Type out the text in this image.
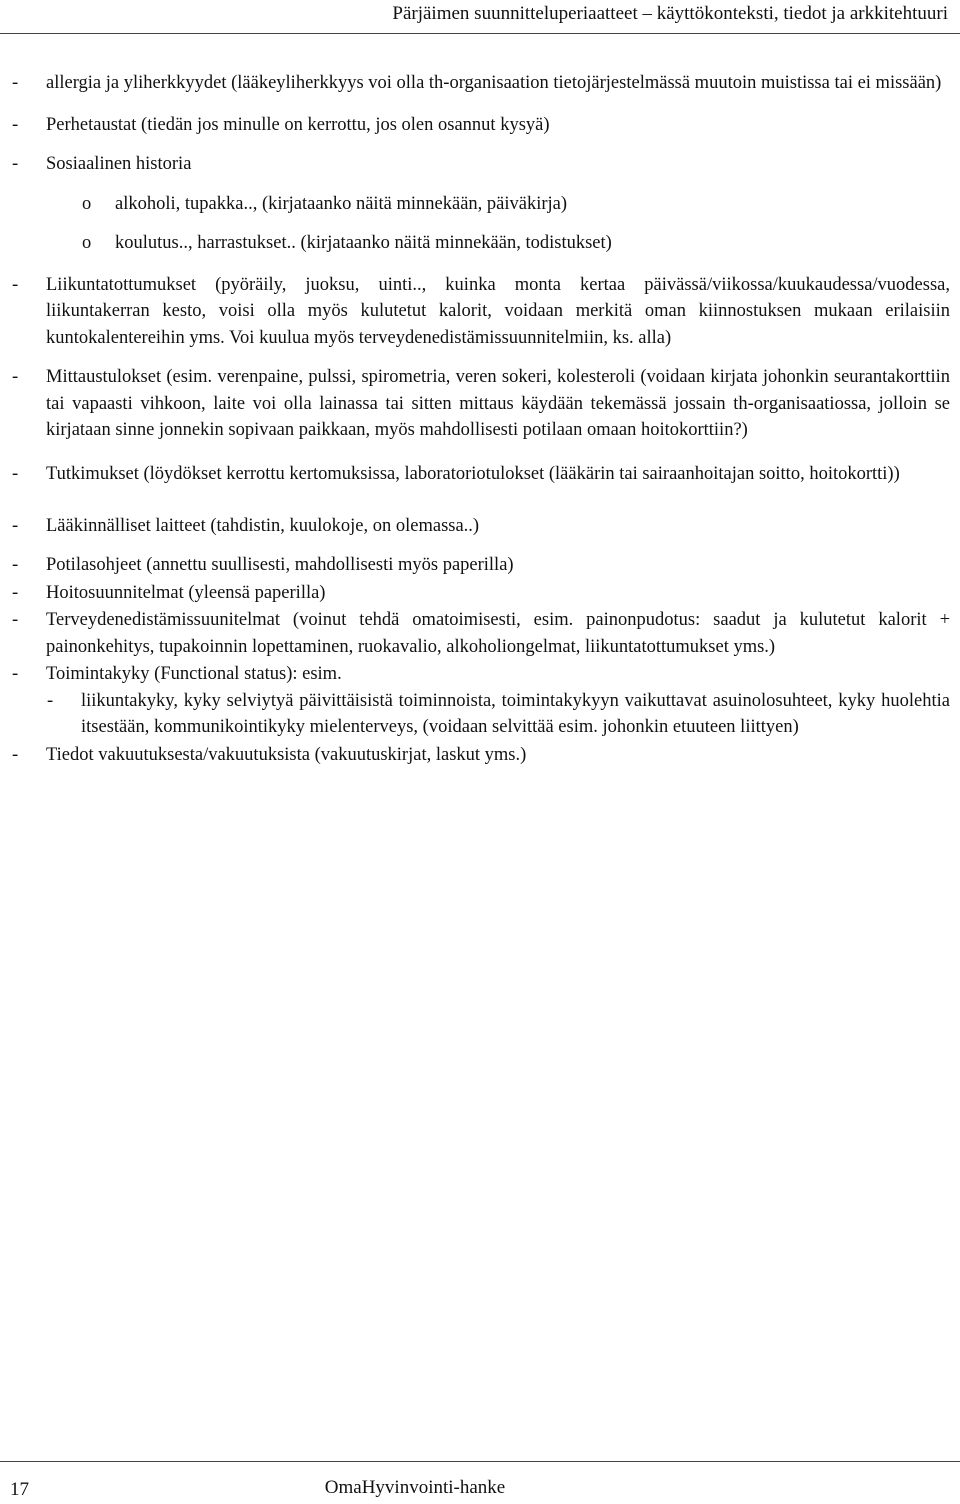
Pärjäimen suunnitteluperiaatteet – käyttökonteksti, tiedot ja arkkitehtuuri
- allergia ja yliherkkyydet (lääkeyliherkkyys voi olla th-organisaation tietojärjestelmässä muutoin muistissa tai ei missään)
- Perhetaustat (tiedän jos minulle on kerrottu, jos olen osannut kysyä)
- Sosiaalinen historia
o alkoholi, tupakka.., (kirjataanko näitä minnekään, päiväkirja)
o koulutus.., harrastukset.. (kirjataanko näitä minnekään, todistukset)
- Liikuntatottumukset (pyöräily, juoksu, uinti.., kuinka monta kertaa päivässä/viikossa/kuukaudessa/vuodessa, liikuntakerran kesto, voisi olla myös kulutetut kalorit, voidaan merkitä oman kiinnostuksen mukaan erilaisiin kuntokalentereihin yms. Voi kuulua myös terveydenedistämissuunnitelmiin, ks. alla)
- Mittaustulokset (esim. verenpaine, pulssi, spirometria, veren sokeri, kolesteroli (voidaan kirjata johonkin seurantakorttiin tai vapaasti vihkoon, laite voi olla lainassa tai sitten mittaus käydään tekemässä jossain th-organisaatiossa, jolloin se kirjataan sinne jonnekin sopivaan paikkaan, myös mahdollisesti potilaan omaan hoitokorttiin?)
- Tutkimukset (löydökset kerrottu kertomuksissa, laboratoriotulokset (lääkärin tai sairaanhoitajan soitto, hoitokortti))
- Lääkinnälliset laitteet (tahdistin, kuulokoje, on olemassa..)
- Potilasohjeet (annettu suullisesti, mahdollisesti myös paperilla)
- Hoitosuunnitelmat (yleensä paperilla)
- Terveydenedistämissuunitelmat (voinut tehdä omatoimisesti, esim. painonpudotus: saadut ja kulutetut kalorit + painonkehitys, tupakoinnin lopettaminen, ruokavalio, alkoholiongelmat, liikuntatottumukset yms.)
- Toimintakyky (Functional status): esim.
- liikuntakyky, kyky selviytyä päivittäisistä toiminnoista, toimintakykyyn vaikuttavat asuinolosuhteet, kyky huolehtia itsestään, kommunikointikyky mielenterveys, (voidaan selvittää esim. johonkin etuuteen liittyen)
- Tiedot vakuutuksesta/vakuutuksista (vakuutuskirjat, laskut yms.)
17	OmaHyvinvointi-hanke
